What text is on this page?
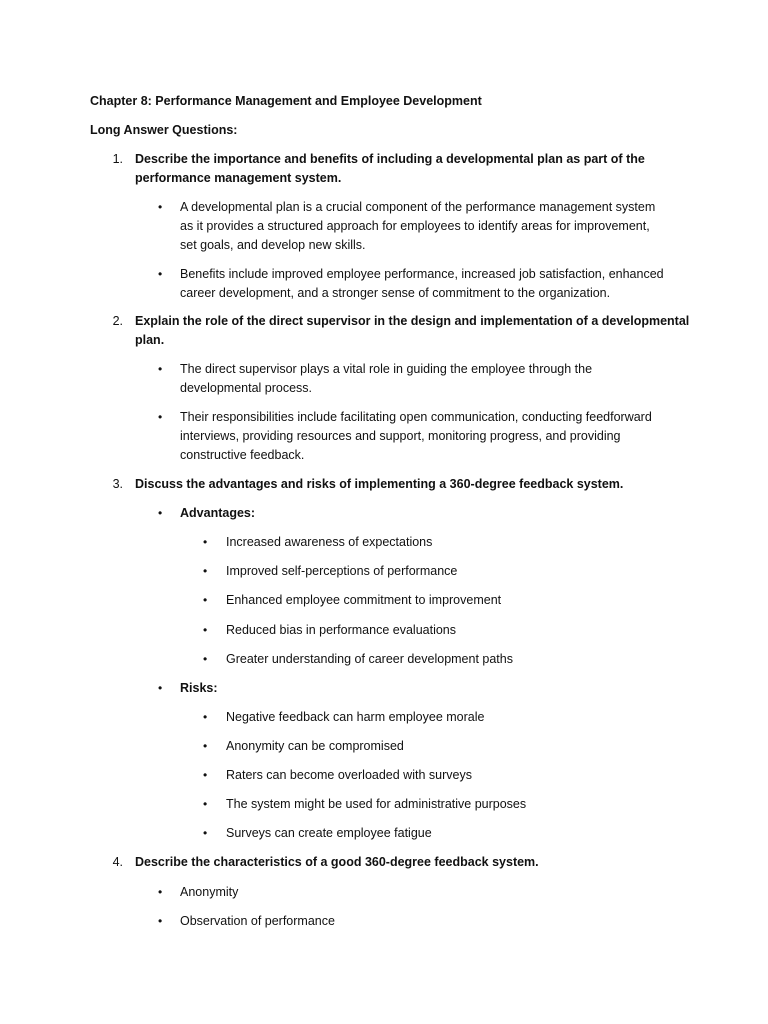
Chapter 8: Performance Management and Employee Development
Long Answer Questions:
1. Describe the importance and benefits of including a developmental plan as part of the
performance management system.
• A developmental plan is a crucial component of the performance management system
as it provides a structured approach for employees to identify areas for improvement,
set goals, and develop new skills.
• Benefits include improved employee performance, increased job satisfaction, enhanced
career development, and a stronger sense of commitment to the organization.
2. Explain the role of the direct supervisor in the design and implementation of a developmental
plan.
• The direct supervisor plays a vital role in guiding the employee through the
developmental process.
• Their responsibilities include facilitating open communication, conducting feedforward
interviews, providing resources and support, monitoring progress, and providing
constructive feedback.
3. Discuss the advantages and risks of implementing a 360-degree feedback system.
• Advantages:
• Increased awareness of expectations
• Improved self-perceptions of performance
• Enhanced employee commitment to improvement
• Reduced bias in performance evaluations
• Greater understanding of career development paths
• Risks:
• Negative feedback can harm employee morale
• Anonymity can be compromised
• Raters can become overloaded with surveys
• The system might be used for administrative purposes
• Surveys can create employee fatigue
4. Describe the characteristics of a good 360-degree feedback system.
• Anonymity
• Observation of performance
